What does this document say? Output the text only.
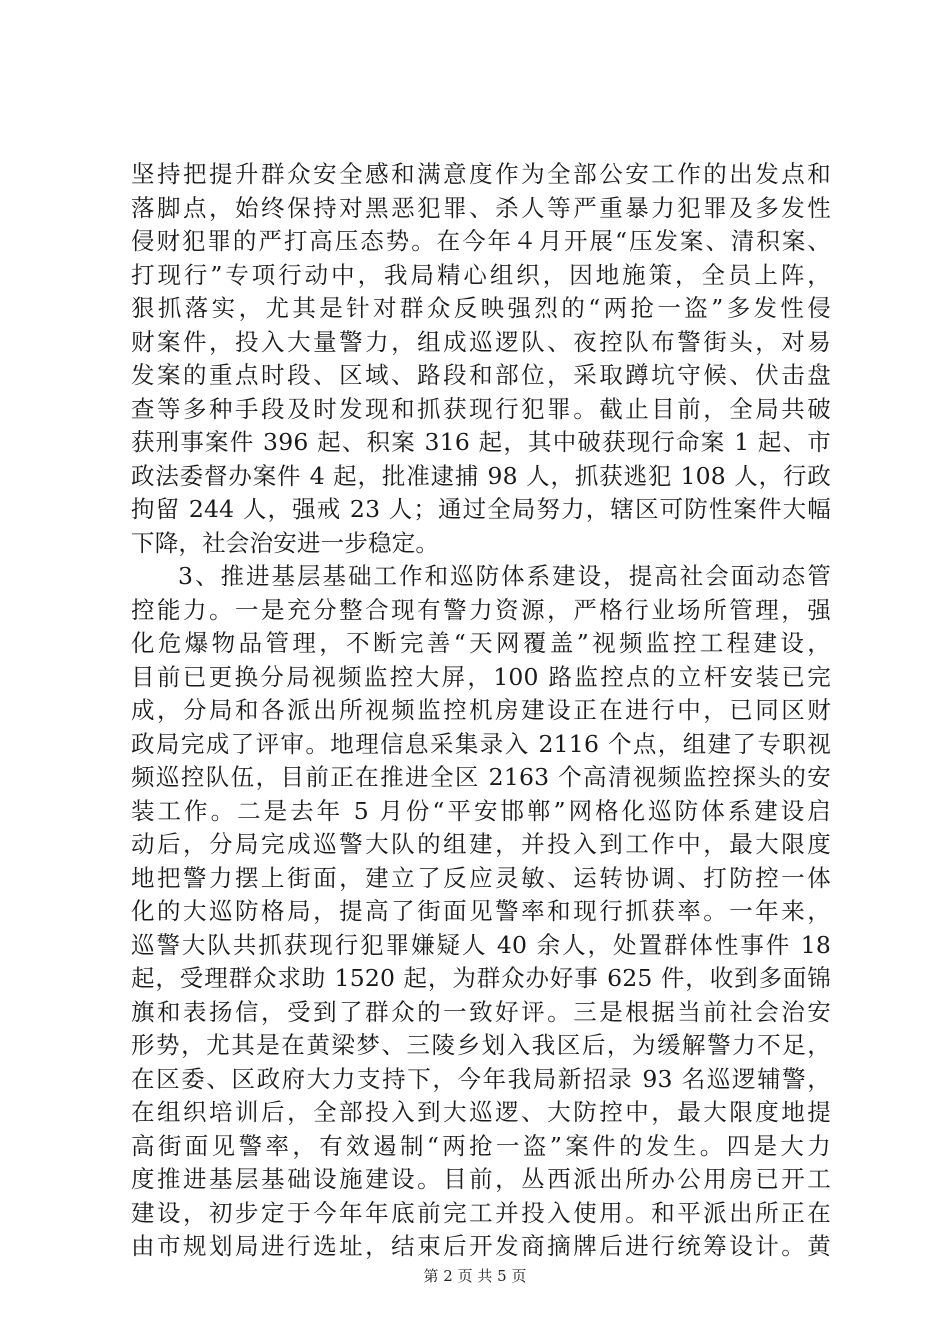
坚持把提升群众安全感和满意度作为全部公安工作的出发点和
落脚点，始终保持对黑恶犯罪、杀人等严重暴力犯罪及多发性
侵财犯罪的严打高压态势。在今年４月开展“压发案、清积案、
打现行”专项行动中，我局精心组织，因地施策，全员上阵，
狠抓落实，尤其是针对群众反映强烈的“两抢一盗”多发性侵
财案件，投入大量警力，组成巡逻队、夜控队布警街头，对易
发案的重点时段、区域、路段和部位，采取蹲坑守候、伏击盘
查等多种手段及时发现和抓获现行犯罪。截止目前，全局共破
获刑事案件 396 起、积案 316 起，其中破获现行命案 1 起、市
政法委督办案件 4 起，批准逮捕 98 人，抓获逃犯 108 人，行政
拘留 244 人，强戒 23 人；通过全局努力，辖区可防性案件大幅
下降，社会治安进一步稳定。
3、推进基层基础工作和巡防体系建设，提高社会面动态管
控能力。一是充分整合现有警力资源，严格行业场所管理，强
化危爆物品管理，不断完善“天网覆盖”视频监控工程建设，
目前已更换分局视频监控大屏，100 路监控点的立杆安装已完
成，分局和各派出所视频监控机房建设正在进行中，已同区财
政局完成了评审。地理信息采集录入 2116 个点，组建了专职视
频巡控队伍，目前正在推进全区 2163 个高清视频监控探头的安
装工作。二是去年 5 月份“平安邯郸”网格化巡防体系建设启
动后，分局完成巡警大队的组建，并投入到工作中，最大限度
地把警力摆上街面，建立了反应灵敏、运转协调、打防控一体
化的大巡防格局，提高了街面见警率和现行抓获率。一年来，
巡警大队共抓获现行犯罪嫌疑人 40 余人，处置群体性事件 18
起，受理群众求助 1520 起，为群众办好事 625 件，收到多面锦
旗和表扬信，受到了群众的一致好评。三是根据当前社会治安
形势，尤其是在黄梁梦、三陵乡划入我区后，为缓解警力不足，
在区委、区政府大力支持下，今年我局新招录 93 名巡逻辅警，
在组织培训后，全部投入到大巡逻、大防控中，最大限度地提
高街面见警率，有效遏制“两抢一盗”案件的发生。四是大力
度推进基层基础设施建设。目前，丛西派出所办公用房已开工
建设，初步定于今年年底前完工并投入使用。和平派出所正在
由市规划局进行选址，结束后开发商摘牌后进行统筹设计。黄
第 2 页 共 5 页
